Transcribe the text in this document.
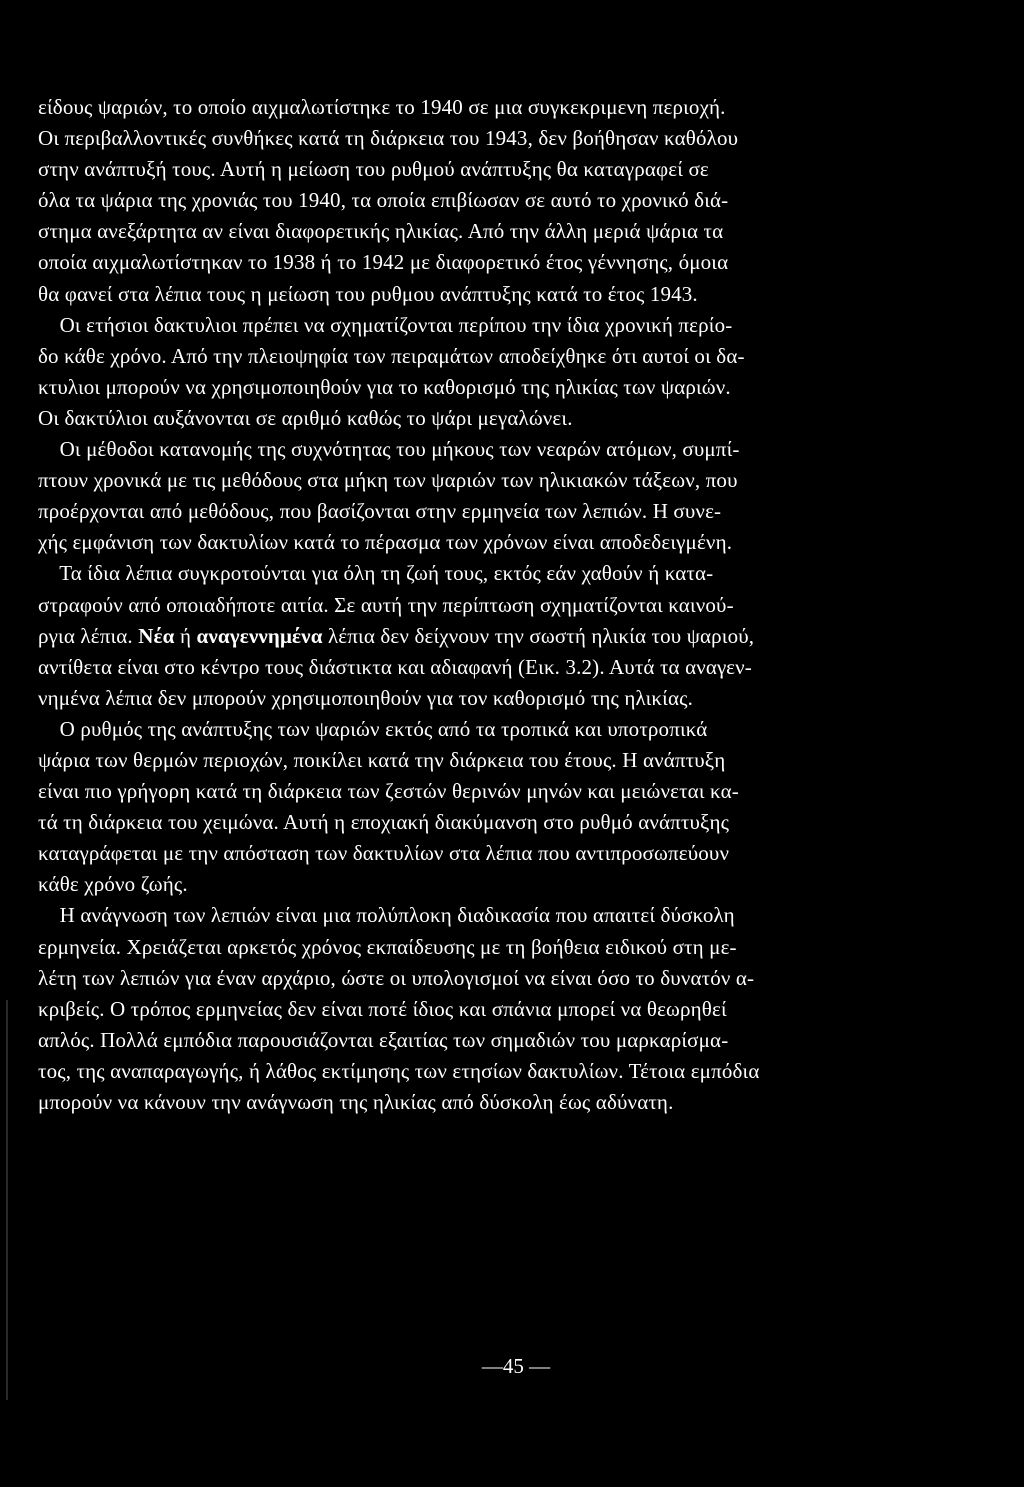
είδους ψαριών, το οποίο αιχμαλωτίστηκε το 1940 σε μια συγκεκριμενη περιοχή.
Οι περιβαλλοντικές συνθήκες κατά τη διάρκεια του 1943, δεν βοήθησαν καθόλου
στην ανάπτυξή τους. Αυτή η μείωση του ρυθμού ανάπτυξης θα καταγραφεί σε
όλα τα ψάρια της χρονιάς του 1940, τα οποία επιβίωσαν σε αυτό το χρονικό διά-
στημα ανεξάρτητα αν είναι διαφορετικής ηλικίας. Από την άλλη μεριά ψάρια τα
οποία αιχμαλωτίστηκαν το 1938 ή το 1942 με διαφορετικό έτος γέννησης, όμοια
θα φανεί στα λέπια τους η μείωση του ρυθμου ανάπτυξης κατά το έτος 1943.
Οι ετήσιοι δακτυλιοι πρέπει να σχηματίζονται περίπου την ίδια χρονική περίο-
δο κάθε χρόνο. Από την πλειοψηφία των πειραμάτων αποδείχθηκε ότι αυτοί οι δα-
κτυλιοι μπορούν να χρησιμοποιηθούν για το καθορισμό της ηλικίας των ψαριών.
Οι δακτύλιοι αυξάνονται σε αριθμό καθώς το ψάρι μεγαλώνει.
Οι μέθοδοι κατανομής της συχνότητας του μήκους των νεαρών ατόμων, συμπί-
πτουν χρονικά με τις μεθόδους στα μήκη των ψαριών των ηλικιακών τάξεων, που
προέρχονται από μεθόδους, που βασίζονται στην ερμηνεία των λεπιών. Η συνε-
χής εμφάνιση των δακτυλίων κατά το πέρασμα των χρόνων είναι αποδεδειγμένη.
Τα ίδια λέπια συγκροτούνται για όλη τη ζωή τους, εκτός εάν χαθούν ή κατα-
στραφούν από οποιαδήποτε αιτία. Σε αυτή την περίπτωση σχηματίζονται καινού-
ργια λέπια. Νέα ή αναγεννημένα λέπια δεν δείχνουν την σωστή ηλικία του ψαριού,
αντίθετα είναι στο κέντρο τους διάστικτα και αδιαφανή (Εικ. 3.2). Αυτά τα αναγεν-
νημένα λέπια δεν μπορούν χρησιμοποιηθούν για τον καθορισμό της ηλικίας.
Ο ρυθμός της ανάπτυξης των ψαριών εκτός από τα τροπικά και υποτροπικά
ψάρια των θερμών περιοχών, ποικίλει κατά την διάρκεια του έτους. Η ανάπτυξη
είναι πιο γρήγορη κατά τη διάρκεια των ζεστών θερινών μηνών και μειώνεται κα-
τά τη διάρκεια του χειμώνα. Αυτή η εποχιακή διακύμανση στο ρυθμό ανάπτυξης
καταγράφεται με την απόσταση των δακτυλίων στα λέπια που αντιπροσωπεύουν
κάθε χρόνο ζωής.
Η ανάγνωση των λεπιών είναι μια πολύπλοκη διαδικασία που απαιτεί δύσκολη
ερμηνεία. Χρειάζεται αρκετός χρόνος εκπαίδευσης με τη βοήθεια ειδικού στη με-
λέτη των λεπιών για έναν αρχάριο, ώστε οι υπολογισμοί να είναι όσο το δυνατόν α-
κριβείς. Ο τρόπος ερμηνείας δεν είναι ποτέ ίδιος και σπάνια μπορεί να θεωρηθεί
απλός. Πολλά εμπόδια παρουσιάζονται εξαιτίας των σημαδιών του μαρκαρίσμα-
τος, της αναπαραγωγής, ή λάθος εκτίμησης των ετησίων δακτυλίων. Τέτοια εμπόδια
μπορούν να κάνουν την ανάγνωση της ηλικίας από δύσκολη έως αδύνατη.
—45 —
